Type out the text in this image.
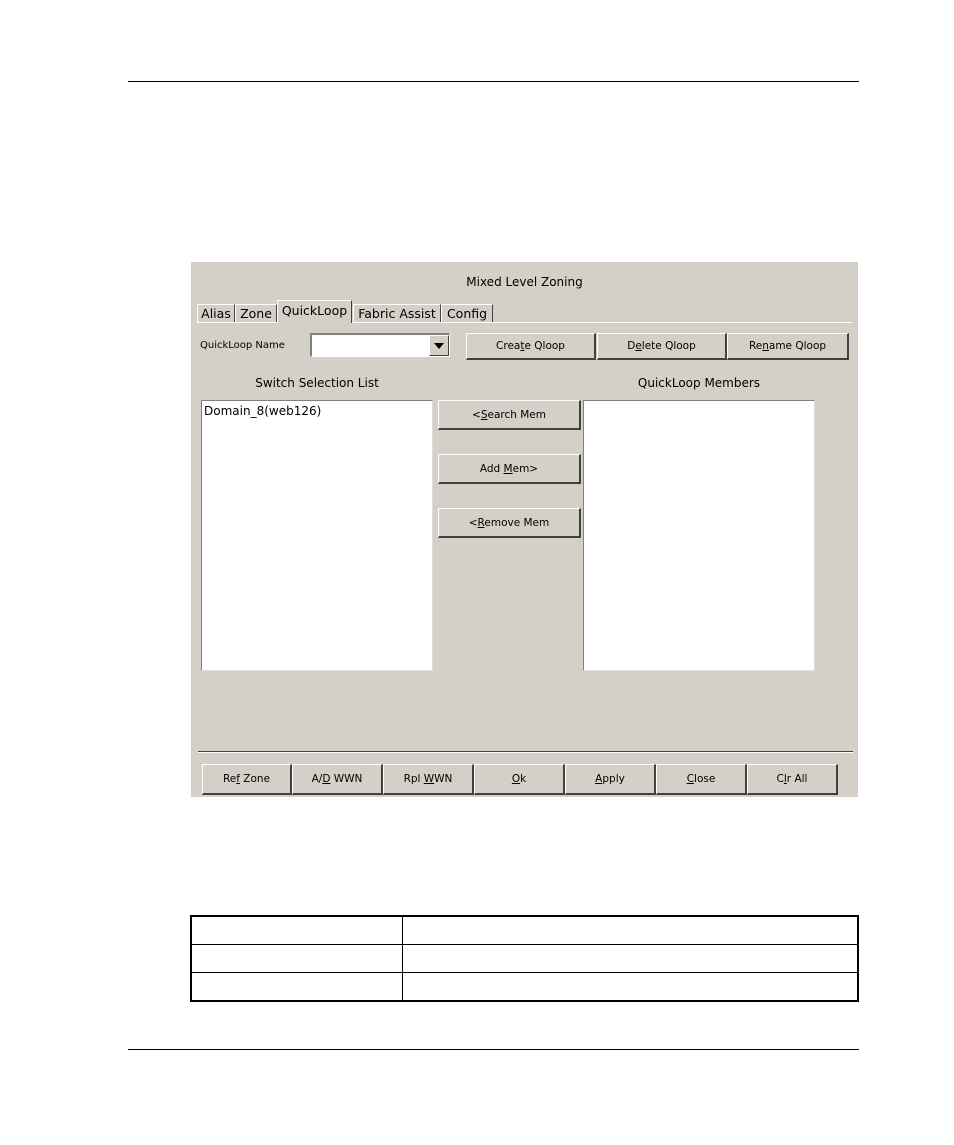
Mixed Level Zoning
Alias Zone QuickLoop Fabric Assist Config
QuickLoop Name	Create Qloop	Delete Qloop	Rename Qloop
Switch Selection List	QuickLoop Members
Domain_8(web126)	<Search Mem
Add Mem>
<Remove Mem
Ref Zone	A/D WWN	Rpl WWN	Ok	Apply	Close	Clr All
